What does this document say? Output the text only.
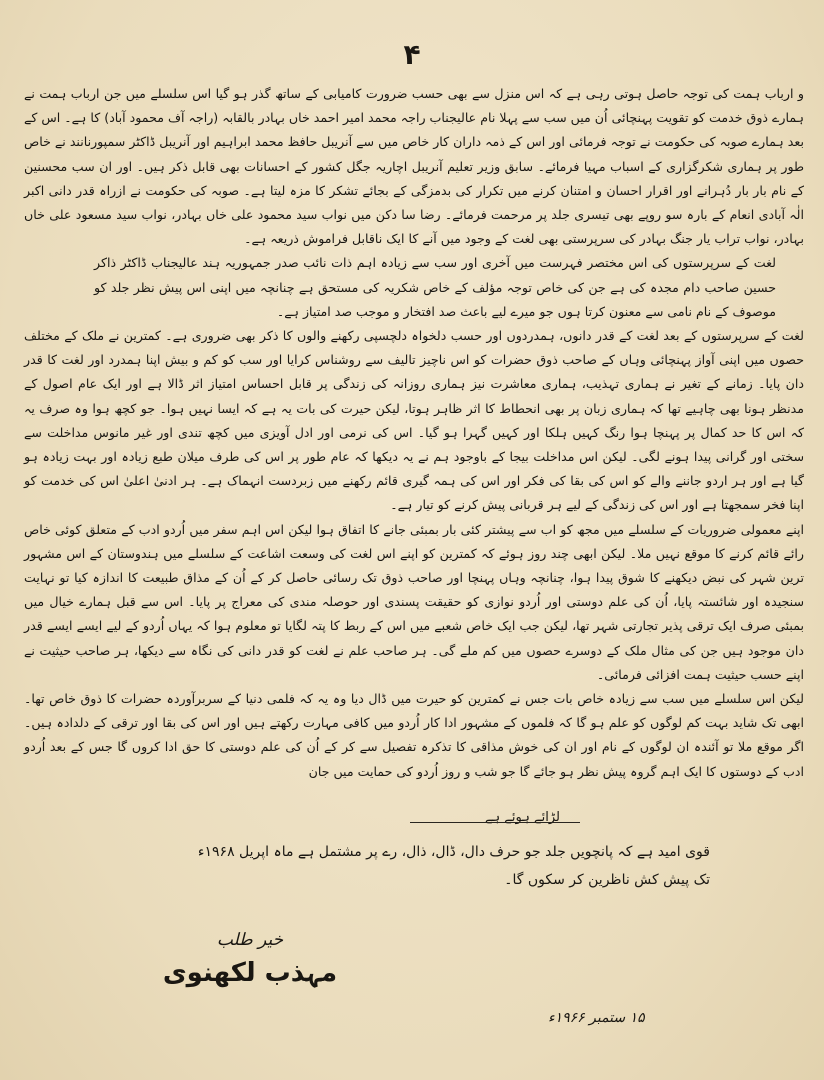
۴

و ارباب ہمت کی توجہ حاصل ہوتی رہی ہے کہ اس منزل سے بھی حسب ضرورت کامیابی کے ساتھ گذر ہو گیا اس سلسلے میں جن ارباب ہمت نے ہمارے ذوق خدمت کو تقویت پہنچائی اُن میں سب سے پہلا نام عالیجناب راجہ محمد امیر احمد خاں بہادر بالقابہ (راجہ آف محمود آباد) کا ہے۔ اس کے بعد ہمارے صوبہ کی حکومت نے توجہ فرمائی اور اس کے ذمہ داران کار خاص میں سے آنریبل حافظ محمد ابراہیم اور آنریبل ڈاکٹر سمپورنانند نے خاص طور پر ہماری شکرگزاری کے اسباب مہیا فرمائے۔ سابق وزیر تعلیم آنریبل اچاریہ جگل کشور کے احسانات بھی قابل ذکر ہیں۔ اور ان سب محسنین کے نام بار بار دُہرانے اور اقرار احسان و امتنان کرنے میں تکرار کی بدمزگی کے بجائے تشکر کا مزہ لیتا ہے۔ صوبہ کی حکومت نے ازراہ قدر دانی اکبر الٰہ آبادی انعام کے بارہ سو روپے بھی تیسری جلد پر مرحمت فرمائے۔ رضا سا دکن میں نواب سید محمود علی خاں بہادر، نواب سید مسعود علی خاں بہادر، نواب تراب یار جنگ بہادر کی سرپرستی بھی لغت کے وجود میں آنے کا ایک ناقابل فراموش ذریعہ ہے۔

لغت کے سرپرستوں کی اس مختصر فہرست میں آخری اور سب سے زیادہ اہم ذات نائب صدر جمہوریہ ہند عالیجناب ڈاکٹر ذاکر حسین صاحب دام مجدہ کی ہے جن کی خاص توجہ مؤلف کے خاص شکریہ کی مستحق ہے چنانچہ میں اپنی اس پیش نظر جلد کو موصوف کے نام نامی سے معنون کرتا ہوں جو میرے لیے باعث صد افتخار و موجب صد امتیاز ہے۔

لغت کے سرپرستوں کے بعد لغت کے قدر دانوں، ہمدردوں اور حسب دلخواہ دلچسپی رکھنے والوں کا ذکر بھی ضروری ہے۔ کمترین نے ملک کے مختلف حصوں میں اپنی آواز پہنچائی وہاں کے صاحب ذوق حضرات کو اس ناچیز تالیف سے روشناس کرایا اور سب کو کم و بیش اپنا ہمدرد اور لغت کا قدر دان پایا۔ زمانے کے تغیر نے ہماری تہذیب، ہماری معاشرت نیز ہماری روزانہ کی زندگی پر قابل احساس امتیاز اثر ڈالا ہے اور ایک عام اصول کے مدنظر ہونا بھی چاہیے تھا کہ ہماری زبان پر بھی انحطاط کا اثر ظاہر ہوتا، لیکن حیرت کی بات یہ ہے کہ ایسا نہیں ہوا۔ جو کچھ ہوا وہ صرف یہ کہ اس کا حد کمال پر پہنچا ہوا رنگ کہیں ہلکا اور کہیں گہرا ہو گیا۔ اس کی نرمی اور ادل آویزی میں کچھ تندی اور غیر مانوس مداخلت سے سختی اور گرانی پیدا ہونے لگی۔ لیکن اس مداخلت بیجا کے باوجود ہم نے یہ دیکھا کہ عام طور پر اس کی طرف میلان طبع زیادہ اور بہت زیادہ ہو گیا ہے اور ہر اردو جاننے والے کو اس کی بقا کی فکر اور اس کی ہمہ گیری قائم رکھنے میں زبردست انہماک ہے۔ ہر ادنیٰ اعلیٰ اس کی خدمت کو اپنا فخر سمجھتا ہے اور اس کی زندگی کے لیے ہر قربانی پیش کرنے کو تیار ہے۔

اپنے معمولی ضروریات کے سلسلے میں مجھ کو اب سے پیشتر کئی بار بمبئی جانے کا اتفاق ہوا لیکن اس اہم سفر میں اُردو ادب کے متعلق کوئی خاص رائے قائم کرنے کا موقع نہیں ملا۔ لیکن ابھی چند روز ہوئے کہ کمترین کو اپنے اس لغت کی وسعت اشاعت کے سلسلے میں ہندوستان کے اس مشہور ترین شہر کی نبض دیکھنے کا شوق پیدا ہوا، چنانچہ وہاں پہنچا اور صاحب ذوق تک رسائی حاصل کر کے اُن کے مذاق طبیعت کا اندازہ کیا تو نہایت سنجیدہ اور شائستہ پایا، اُن کی علم دوستی اور اُردو نوازی کو حقیقت پسندی اور حوصلہ مندی کی معراج پر پایا۔ اس سے قبل ہمارے خیال میں بمبئی صرف ایک ترقی پذیر تجارتی شہر تھا، لیکن جب ایک خاص شعبے میں اس کے ربط کا پتہ لگایا تو معلوم ہوا کہ یہاں اُردو کے لیے ایسے ایسے قدر دان موجود ہیں جن کی مثال ملک کے دوسرے حصوں میں کم ملے گی۔ ہر صاحب علم نے لغت کو قدر دانی کی نگاہ سے دیکھا، ہر صاحب حیثیت نے اپنے حسب حیثیت ہمت افزائی فرمائی۔

لیکن اس سلسلے میں سب سے زیادہ خاص بات جس نے کمترین کو حیرت میں ڈال دیا وہ یہ کہ فلمی دنیا کے سربرآوردہ حضرات کا ذوق خاص تھا۔ ابھی تک شاید بہت کم لوگوں کو علم ہو گا کہ فلموں کے مشہور ادا کار اُردو میں کافی مہارت رکھتے ہیں اور اس کی بقا اور ترقی کے دلدادہ ہیں۔ اگر موقع ملا تو آئندہ ان لوگوں کے نام اور ان کی خوش مذاقی کا تذکرہ تفصیل سے کر کے اُن کی علم دوستی کا حق ادا کروں گا جس کے بعد اُردو ادب کے دوستوں کا ایک اہم گروہ پیش نظر ہو جائے گا جو شب و روز اُردو کی حمایت میں جان

لڑائے ہوئے ہے

قوی امید ہے کہ پانچویں جلد جو حرف دال، ڈال، ذال، رے پر مشتمل ہے ماہ اپریل ۱۹۶۸ء

تک پیش کش ناظرین کر سکوں گا۔

خیر طلب
مہذب لکھنوی
۱۵ ستمبر ۱۹۶۶ء
